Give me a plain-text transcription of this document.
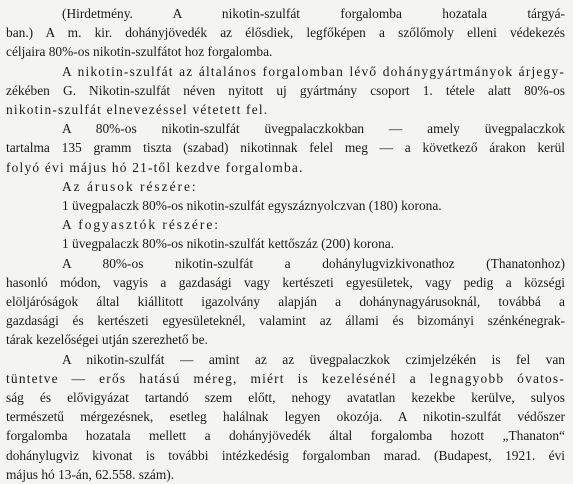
(Hirdetmény. A nikotin-szulfát forgalomba hozatala tárgyá-
ban.) A m. kir. dohányjövedék az élősdiek, legfőképen a szőlőmoly elleni védekezés
céljaira 80%-os nikotin-szulfátot hoz forgalomba.
A nikotin-szulfát az általános forgalomban lévő dohánygyártmányok árjegy-
zékében G. Nikotin-szulfát néven nyitott uj gyártmány csoport 1. tétele alatt 80%-os
nikotin-szulfát elnevezéssel vétetett fel.
A 80%-os nikotin-szulfát üvegpalaczkokban — amely üvegpalaczkok
tartalma 135 gramm tiszta (szabad) nikotinnak felel meg — a következő árakon kerül
folyó évi május hó 21-től kezdve forgalomba.
Az árusok részére:
1 üvegpalaczk 80%-os nikotin-szulfát egyszáznyolczvan (180) korona.
A fogyasztók részére:
1 üvegpalaczk 80%-os nikotin-szulfát kettőszáz (200) korona.
A 80%-os nikotin-szulfát a dohánylugvizkivonathoz (Thanatonhoz)
hasonló módon, vagyis a gazdasági vagy kertészeti egyesületek, vagy pedig a községi
elöljáróságok által kiállitott igazolvány alapján a dohánynagyárusoknál, továbbá a
gazdasági és kertészeti egyesületeknél, valamint az állami és bizományi szénkénegrak-
tárak kezelőségei utján szerezhető be.
A nikotin-szulfát — amint az az üvegpalaczkok czimjelzékén is fel van
tüntetve — erős hatású méreg, miért is kezelésénél a legnagyobb óvatos-
ság és elővigyázat tartandó szem előtt, nehogy avatatlan kezekbe kerülve, sulyos
természetű mérgezésnek, esetleg halálnak legyen okozója. A nikotin-szulfát védőszer
forgalomba hozatala mellett a dohányjövedék által forgalomba hozott „Thanaton“
dohánylugviz kivonat is további intézkedésig forgalomban marad. (Budapest, 1921. évi
május hó 13-án, 62.558. szám).
